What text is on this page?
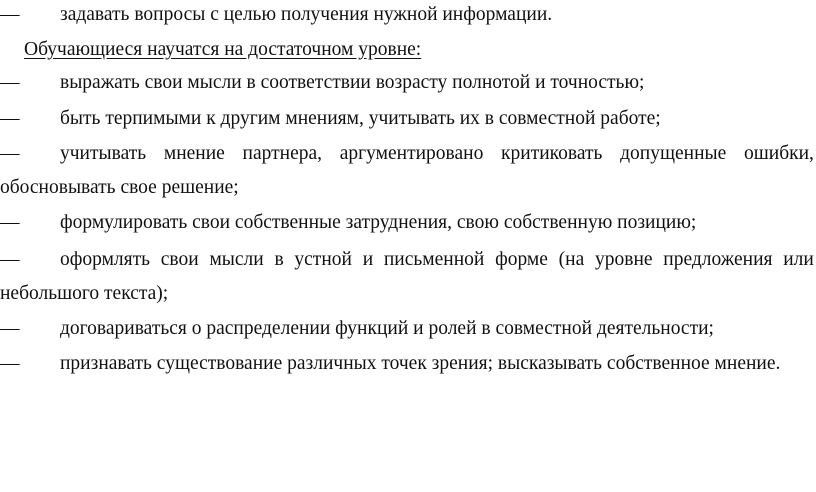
—	задавать вопросы с целью получения нужной информации.
Обучающиеся научатся на достаточном уровне:
—	выражать свои мысли в соответствии возрасту полнотой и точностью;
—	быть терпимыми к другим мнениям, учитывать их в совместной работе;
—	учитывать мнение партнера, аргументировано критиковать допущенные ошибки,
обосновывать свое решение;
—	формулировать свои собственные затруднения, свою собственную позицию;
—	оформлять свои мысли в устной и письменной форме (на уровне предложения или
небольшого текста);
—	договариваться о распределении функций и ролей в совместной деятельности;
—	признавать существование различных точек зрения; высказывать собственное мнение.
